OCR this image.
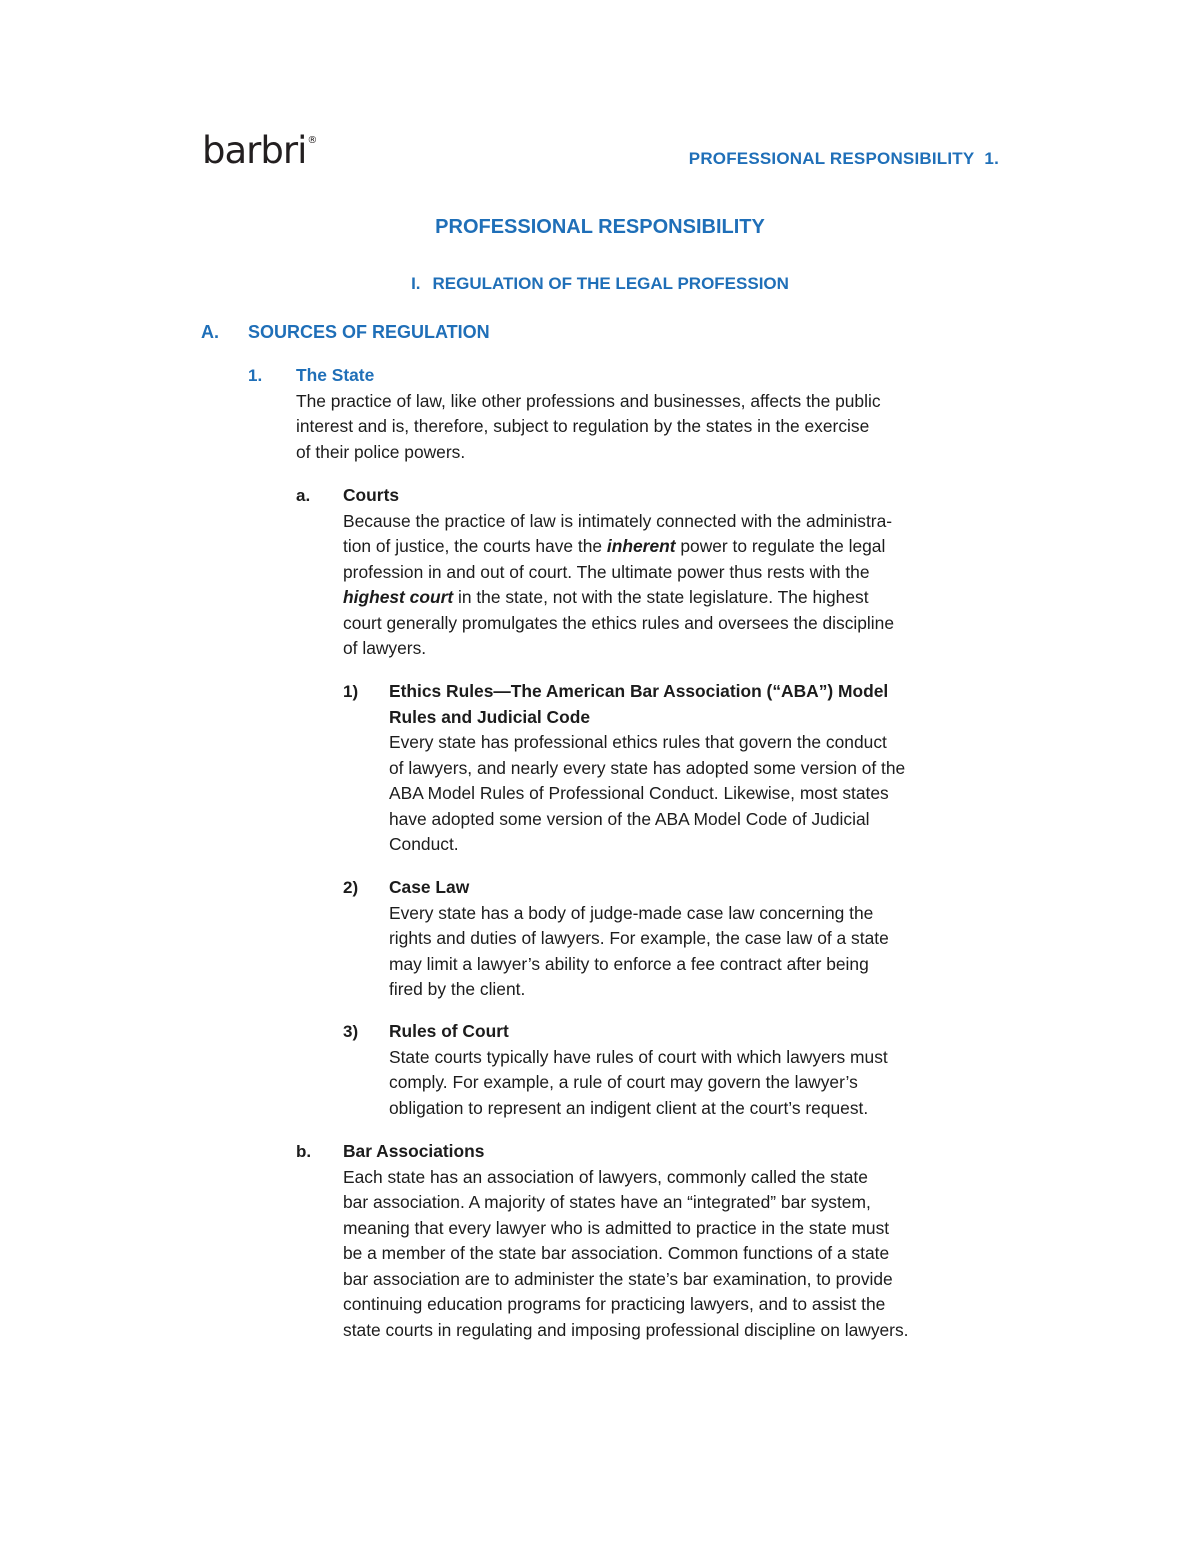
barbri®
PROFESSIONAL RESPONSIBILITY 1.
PROFESSIONAL RESPONSIBILITY
I. REGULATION OF THE LEGAL PROFESSION
A. SOURCES OF REGULATION
1. The State

The practice of law, like other professions and businesses, affects the public

interest and is, therefore, subject to regulation by the states in the exercise

of their police powers.

a. Courts

Because the practice of law is intimately connected with the administra-

tion of justice, the courts have the inherent power to regulate the legal

profession in and out of court. The ultimate power thus rests with the

highest court in the state, not with the state legislature. The highest

court generally promulgates the ethics rules and oversees the discipline

of lawyers.

1) Ethics Rules—The American Bar Association (“ABA”) Model

Rules and Judicial Code

Every state has professional ethics rules that govern the conduct

of lawyers, and nearly every state has adopted some version of the

ABA Model Rules of Professional Conduct. Likewise, most states

have adopted some version of the ABA Model Code of Judicial

Conduct.

2) Case Law

Every state has a body of judge-made case law concerning the

rights and duties of lawyers. For example, the case law of a state

may limit a lawyer’s ability to enforce a fee contract after being

fired by the client.

3) Rules of Court

State courts typically have rules of court with which lawyers must

comply. For example, a rule of court may govern the lawyer’s

obligation to represent an indigent client at the court’s request.

b. Bar Associations

Each state has an association of lawyers, commonly called the state

bar association. A majority of states have an “integrated” bar system,

meaning that every lawyer who is admitted to practice in the state must

be a member of the state bar association. Common functions of a state

bar association are to administer the state’s bar examination, to provide

continuing education programs for practicing lawyers, and to assist the

state courts in regulating and imposing professional discipline on lawyers.
